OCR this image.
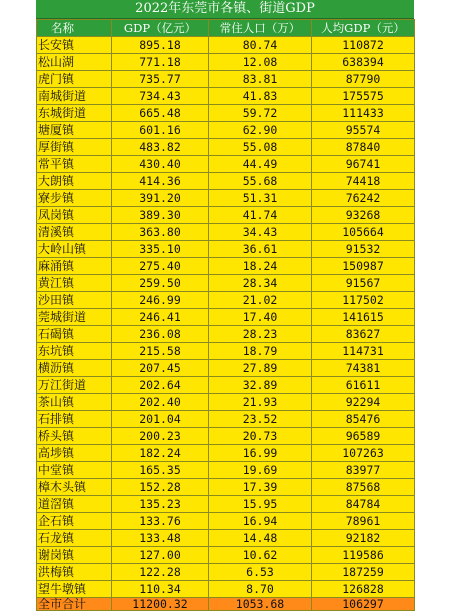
2022年东莞市各镇、街道GDP
名称	GDP（亿元）	常住人口（万）	人均GDP（元）
长安镇	895.18	80.74	110872
松山湖	771.18	12.08	638394
虎门镇	735.77	83.81	87790
南城街道	734.43	41.83	175575
东城街道	665.48	59.72	111433
塘厦镇	601.16	62.90	95574
厚街镇	483.82	55.08	87840
常平镇	430.40	44.49	96741
大朗镇	414.36	55.68	74418
寮步镇	391.20	51.31	76242
凤岗镇	389.30	41.74	93268
清溪镇	363.80	34.43	105664
大岭山镇	335.10	36.61	91532
麻涌镇	275.40	18.24	150987
黄江镇	259.50	28.34	91567
沙田镇	246.99	21.02	117502
莞城街道	246.41	17.40	141615
石碣镇	236.08	28.23	83627
东坑镇	215.58	18.79	114731
横沥镇	207.45	27.89	74381
万江街道	202.64	32.89	61611
茶山镇	202.40	21.93	92294
石排镇	201.04	23.52	85476
桥头镇	200.23	20.73	96589
高埗镇	182.24	16.99	107263
中堂镇	165.35	19.69	83977
樟木头镇	152.28	17.39	87568
道滘镇	135.23	15.95	84784
企石镇	133.76	16.94	78961
石龙镇	133.48	14.48	92182
谢岗镇	127.00	10.62	119586
洪梅镇	122.28	6.53	187259
望牛墩镇	110.34	8.70	126828
全市合计	11200.32	1053.68	106297
